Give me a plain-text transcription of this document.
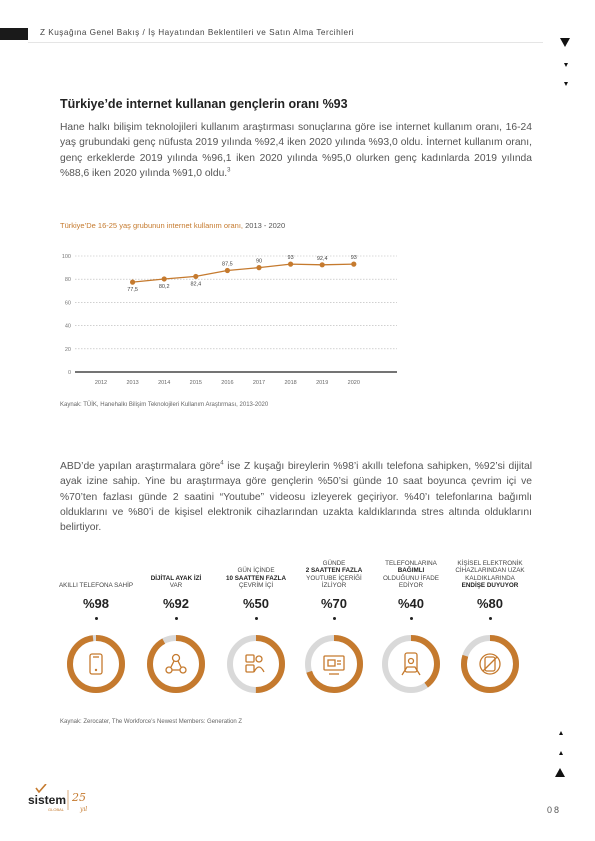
Z Kuşağına Genel Bakış / İş Hayatından Beklentileri ve Satın Alma Tercihleri
Türkiye’de internet kullanan gençlerin oranı %93
Hane halkı bilişim teknolojileri kullanım araştırması sonuçlarına göre ise internet kullanım oranı, 16-24 yaş grubundaki genç nüfusta 2019 yılında %92,4 iken 2020 yılında %93,0 oldu. İnternet kullanım oranı, genç erkeklerde 2019 yılında %96,1 iken 2020 yılında %95,0 olurken genç kadınlarda 2019 yılında %88,6 iken 2020 yılında %91,0 oldu.$^3$
Türkiye’De 16-25 yaş grubunun internet kullanım oranı, 2013 - 2020
0
20
40
60
80
100
2012	2013	2014	2015	2016	2017	2018	2019	2020
77,5
80,2	82,4
87,5	90
93	92,4	93
Kaynak: TÜİK, Hanehalkı Bilişim Teknolojileri Kullanım Araştırması, 2013-2020
ABD’de yapılan araştırmalara göre$^4$ ise Z kuşağı bireylerin %98’i akıllı telefona sahipken, %92’si dijital ayak izine sahip. Yine bu araştırmaya göre gençlerin %50’si günde 10 saat boyunca çevrim içi ve %70’ten fazlası günde 2 saatini “Youtube” videosu izleyerek geçiriyor. %40’ı telefonlarına bağımlı olduklarını ve %80’i de kişisel elektronik cihazlarından uzakta kaldıklarında stres altında olduklarını belirtiyor.
AKILLI TELEFONA SAHİP
%98
DİJİTAL AYAK İZİ
VAR
%92
GÜN İÇİNDE
10 SAATTEN FAZLA
ÇEVRİM İÇİ
%50
GÜNDE
2 SAATTEN FAZLA
YOUTUBE İÇERİĞİ İZLİYOR
%70
TELEFONLARINA
BAĞIMLI
OLDUĞUNU İFADE EDİYOR
%40
KİŞİSEL ELEKTRONİK CİHAZLARINDAN UZAK KALDIKLARINDA
ENDİŞE DUYUYOR
%80
Kaynak: Zerocater, The Workforce’s Newest Members: Generation Z
sistem
GLOBAL
25
yıl	08
